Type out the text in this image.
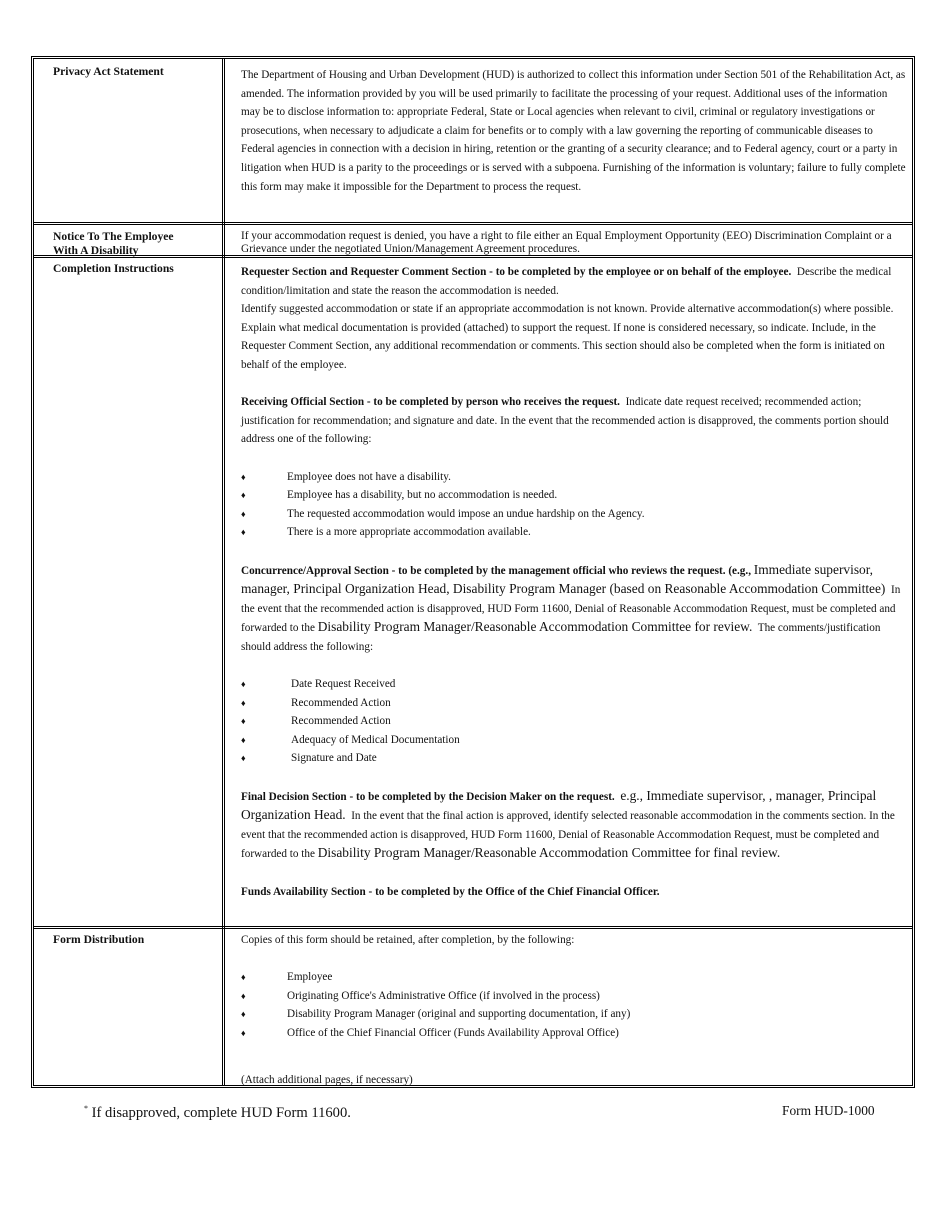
Privacy Act Statement	The Department of Housing and Urban Development (HUD) is authorized to collect this information under Section 501 of the Rehabilitation Act, as amended. The information provided by you will be used primarily to facilitate the processing of your request. Additional uses of the information may be to disclose information to: appropriate Federal, State or Local agencies when relevant to civil, criminal or regulatory investigations or prosecutions, when necessary to adjudicate a claim for benefits or to comply with a law governing the reporting of communicable diseases to Federal agencies in connection with a decision in hiring, retention or the granting of a security clearance; and to Federal agency, court or a party in litigation when HUD is a parity to the proceedings or is served with a subpoena. Furnishing of the information is voluntary; failure to fully complete this form may make it impossible for the Department to process the request.

Notice To The Employee
With A Disability

If your accommodation request is denied, you have a right to file either an Equal Employment Opportunity (EEO) Discrimination Complaint or a Grievance under the negotiated Union/Management Agreement procedures.

Completion Instructions	Requester Section and Requester Comment Section - to be completed by the employee or on behalf of the employee. Describe the medical condition/limitation and state the reason the accommodation is needed.

Identify suggested accommodation or state if an appropriate accommodation is not known. Provide alternative accommodation(s) where possible. Explain what medical documentation is provided (attached) to support the request. If none is considered necessary, so indicate. Include, in the Requester Comment Section, any additional recommendation or comments. This section should also be completed when the form is initiated on behalf of the employee.

Receiving Official Section - to be completed by person who receives the request. Indicate date request received; recommended action; justification for recommendation; and signature and date. In the event that the recommended action is disapproved, the comments portion should address one of the following:

♦	Employee does not have a disability.
♦	Employee has a disability, but no accommodation is needed.
♦	The requested accommodation would impose an undue hardship on the Agency.
♦	There is a more appropriate accommodation available.

Concurrence/Approval Section - to be completed by the management official who reviews the request. (e.g., Immediate supervisor, manager, Principal Organization Head, Disability Program Manager (based on Reasonable Accommodation Committee) In the event that the recommended action is disapproved, HUD Form 11600, Denial of Reasonable Accommodation Request, must be completed and forwarded to the Disability Program Manager/Reasonable Accommodation Committee for review. The comments/justification should address the following:

♦	Date Request Received
♦	Recommended Action
♦	Recommended Action
♦	Adequacy of Medical Documentation
♦	Signature and Date

Final Decision Section - to be completed by the Decision Maker on the request. e.g., Immediate supervisor, , manager, Principal Organization Head. In the event that the final action is approved, identify selected reasonable accommodation in the comments section. In the event that the recommended action is disapproved, HUD Form 11600, Denial of Reasonable Accommodation Request, must be completed and forwarded to the Disability Program Manager/Reasonable Accommodation Committee for final review.

Funds Availability Section - to be completed by the Office of the Chief Financial Officer.

Form Distribution	Copies of this form should be retained, after completion, by the following:

♦	Employee
♦	Originating Office's Administrative Office (if involved in the process)
♦	Disability Program Manager (original and supporting documentation, if any)
♦	Office of the Chief Financial Officer (Funds Availability Approval Office)
(Attach additional pages, if necessary)
* If disapproved, complete HUD Form 11600.	Form HUD-1000
